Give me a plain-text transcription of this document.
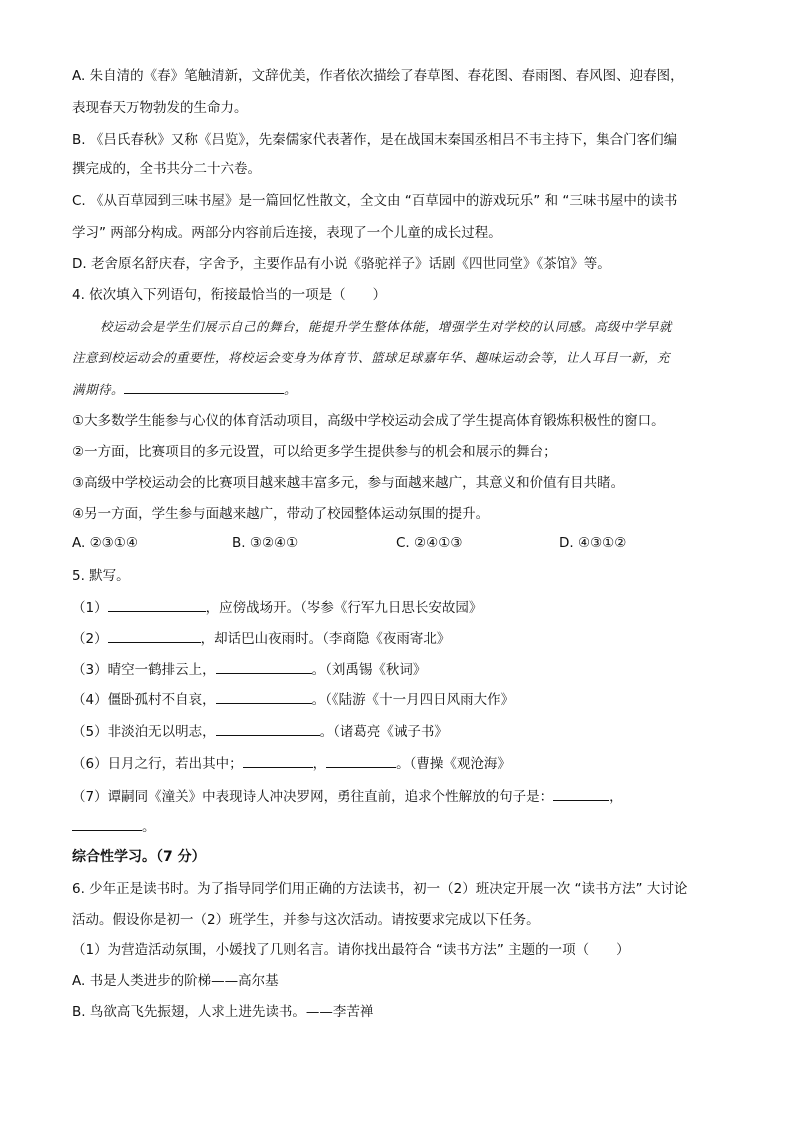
A. 朱自清的《春》笔触清新，文辞优美，作者依次描绘了春草图、春花图、春雨图、春风图、迎春图，
表现春天万物勃发的生命力。
B. 《吕氏春秋》又称《吕览》，先秦儒家代表著作，是在战国末秦国丞相吕不韦主持下，集合门客们编
撰完成的，全书共分二十六卷。
C. 《从百草园到三味书屋》是一篇回忆性散文，全文由 “百草园中的游戏玩乐” 和 “三味书屋中的读书
学习” 两部分构成。两部分内容前后连接，表现了一个儿童的成长过程。
D. 老舍原名舒庆春，字舍予，主要作品有小说《骆驼祥子》话剧《四世同堂》《茶馆》等。
4. 依次填入下列语句，衔接最恰当的一项是（　　）
校运动会是学生们展示自己的舞台，能提升学生整体体能，增强学生对学校的认同感。高级中学早就
注意到校运动会的重要性，将校运会变身为体育节、篮球足球嘉年华、趣味运动会等，让人耳目一新，充
满期待。	。
①大多数学生能参与心仪的体育活动项目，高级中学校运动会成了学生提高体育锻炼积极性的窗口。
②一方面，比赛项目的多元设置，可以给更多学生提供参与的机会和展示的舞台；
③高级中学校运动会的比赛项目越来越丰富多元，参与面越来越广，其意义和价值有目共睹。
④另一方面，学生参与面越来越广，带动了校园整体运动氛围的提升。
A. ②③①④	B. ③②④①	C. ②④①③	D. ④③①②
5. 默写。
（1）	，应傍战场开。（岑参《行军九日思长安故园》
（2）	，却话巴山夜雨时。（李商隐《夜雨寄北》
（3）晴空一鹤排云上，	。（刘禹锡《秋词》
（4）僵卧孤村不自哀，	。（《陆游《十一月四日风雨大作》
（5）非淡泊无以明志，	。（诸葛亮《诫子书》
（6）日月之行，若出其中；	，	。（曹操《观沧海》
（7）谭嗣同《潼关》中表现诗人冲决罗网，勇往直前，追求个性解放的句子是：	，
。
综合性学习。（7 分）
6. 少年正是读书时。为了指导同学们用正确的方法读书，初一（2）班决定开展一次 “读书方法” 大讨论
活动。假设你是初一（2）班学生，并参与这次活动。请按要求完成以下任务。
（1）为营造活动氛围，小媛找了几则名言。请你找出最符合 “读书方法” 主题的一项（　　）
A. 书是人类进步的阶梯——高尔基
B. 鸟欲高飞先振翅，人求上进先读书。——李苦禅
